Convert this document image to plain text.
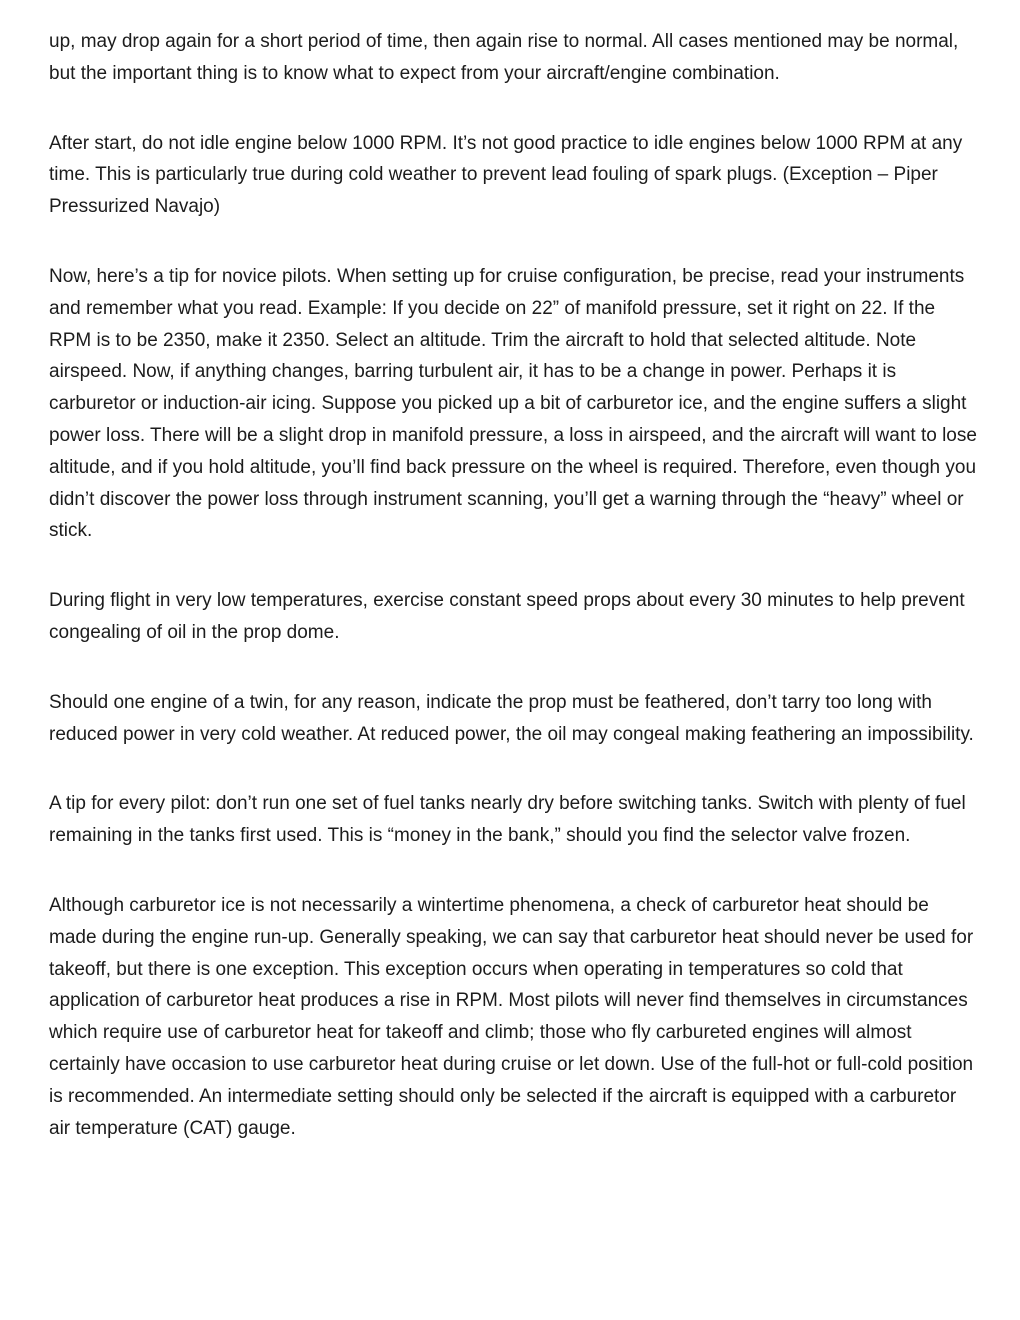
up, may drop again for a short period of time, then again rise to normal. All cases mentioned may be normal, but the important thing is to know what to expect from your aircraft/engine combination.

After start, do not idle engine below 1000 RPM. It’s not good practice to idle engines below 1000 RPM at any time. This is particularly true during cold weather to prevent lead fouling of spark plugs. (Exception – Piper Pressurized Navajo)

Now, here’s a tip for novice pilots. When setting up for cruise configuration, be precise, read your instruments and remember what you read. Example: If you decide on 22” of manifold pressure, set it right on 22. If the RPM is to be 2350, make it 2350. Select an altitude. Trim the aircraft to hold that selected altitude. Note airspeed. Now, if anything changes, barring turbulent air, it has to be a change in power. Perhaps it is carburetor or induction-air icing. Suppose you picked up a bit of carburetor ice, and the engine suffers a slight power loss. There will be a slight drop in manifold pressure, a loss in airspeed, and the aircraft will want to lose altitude, and if you hold altitude, you’ll find back pressure on the wheel is required. Therefore, even though you didn’t discover the power loss through instrument scanning, you’ll get a warning through the “heavy” wheel or stick.

During flight in very low temperatures, exercise constant speed props about every 30 minutes to help prevent congealing of oil in the prop dome.

Should one engine of a twin, for any reason, indicate the prop must be feathered, don’t tarry too long with reduced power in very cold weather. At reduced power, the oil may congeal making feathering an impossibility.

A tip for every pilot: don’t run one set of fuel tanks nearly dry before switching tanks. Switch with plenty of fuel remaining in the tanks first used. This is “money in the bank,” should you find the selector valve frozen.

Although carburetor ice is not necessarily a wintertime phenomena, a check of carburetor heat should be made during the engine run-up. Generally speaking, we can say that carburetor heat should never be used for takeoff, but there is one exception. This exception occurs when operating in temperatures so cold that application of carburetor heat produces a rise in RPM. Most pilots will never find themselves in circumstances which require use of carburetor heat for takeoff and climb; those who fly carbureted engines will almost certainly have occasion to use carburetor heat during cruise or let down. Use of the full-hot or full-cold position is recommended. An intermediate setting should only be selected if the aircraft is equipped with a carburetor air temperature (CAT) gauge.
